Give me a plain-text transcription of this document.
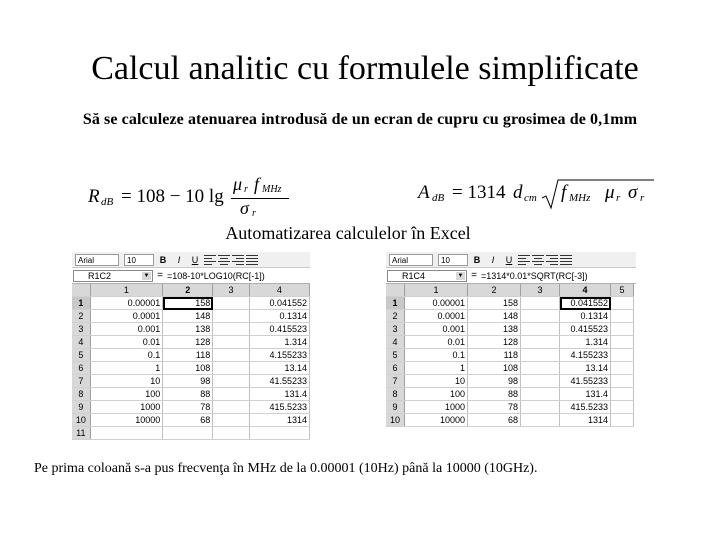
Calcul analitic cu formulele simplificate
Să se calculeze atenuarea introdusă de un ecran de cupru cu grosimea de 0,1mm
R dB = 108 − 10 lg
μ r f MHz
σ r
A dB = 1314 d cm f MHz μ r σ r
Automatizarea calculelor în Excel
Arial	10	B	I	U
R1C2	▼ = =108-10*LOG10(RC[-1])
	1	2	3	4
1	0.00001	158		0.041552
2	0.0001	148		0.1314
3	0.001	138		0.415523
4	0.01	128		1.314
5	0.1	118		4.155233
6	1	108		13.14
7	10	98		41.55233
8	100	88		131.4
9	1000	78		415.5233
10	10000	68		1314
11				
Arial	10	B	I	U
R1C4	▼ = =1314*0.01*SQRT(RC[-3])
	1	2	3	4	5
1	0.00001	158		0.041552	
2	0.0001	148		0.1314	
3	0.001	138		0.415523	
4	0.01	128		1.314	
5	0.1	118		4.155233	
6	1	108		13.14	
7	10	98		41.55233	
8	100	88		131.4	
9	1000	78		415.5233	
10	10000	68		1314	
Pe prima coloană s-a pus frecvenţa în MHz de la 0.00001 (10Hz) până la 10000 (10GHz).
